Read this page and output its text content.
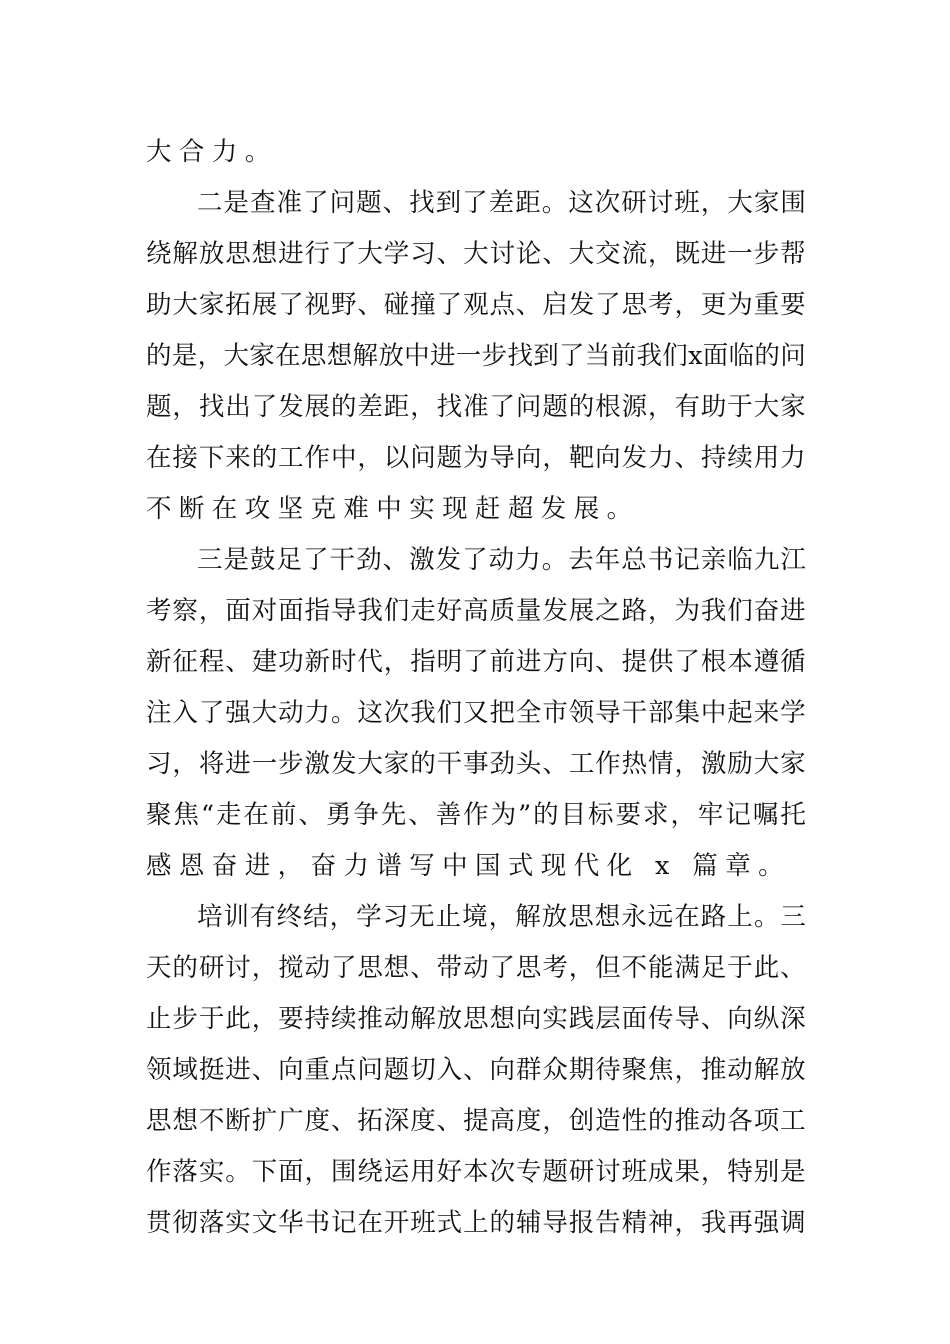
大合力。
二 是 查 准 了 问 题 、 找 到 了 差 距 。 这 次 研 讨 班 ， 大 家 围
绕 解 放 思 想 进 行 了 大 学 习 、 大 讨 论 、 大 交 流 ， 既 进 一 步 帮
助 大 家 拓 展 了 视 野 、 碰 撞 了 观 点 、 启 发 了 思 考 ， 更 为 重 要
的 是 ， 大 家 在 思 想 解 放 中 进 一 步 找 到 了 当 前 我 们 x 面 临 的 问
题 ， 找 出 了 发 展 的 差 距 ， 找 准 了 问 题 的 根 源 ， 有 助 于 大 家
在 接 下 来 的 工 作 中 ， 以 问 题 为 导 向 ， 靶 向 发 力 、 持 续 用 力
不断在攻坚克难中实现赶超发展。
三 是 鼓 足 了 干 劲 、 激 发 了 动 力 。 去 年 总 书 记 亲 临 九 江
考 察 ， 面 对 面 指 导 我 们 走 好 高 质 量 发 展 之 路 ， 为 我 们 奋 进
新 征 程 、 建 功 新 时 代 ， 指 明 了 前 进 方 向 、 提 供 了 根 本 遵 循
注 入 了 强 大 动 力 。 这 次 我 们 又 把 全 市 领 导 干 部 集 中 起 来 学
习 ， 将 进 一 步 激 发 大 家 的 干 事 劲 头 、 工 作 热 情 ， 激 励 大 家
聚 焦 “ 走 在 前 、 勇 争 先 、 善 作 为 ” 的 目 标 要 求 ， 牢 记 嘱 托
感恩奋进，奋力谱写中国式现代化 x 篇章。
培 训 有 终 结 ， 学 习 无 止 境 ， 解 放 思 想 永 远 在 路 上 。 三
天 的 研 讨 ， 搅 动 了 思 想 、 带 动 了 思 考 ， 但 不 能 满 足 于 此 、
止 步 于 此 ， 要 持 续 推 动 解 放 思 想 向 实 践 层 面 传 导 、 向 纵 深
领 域 挺 进 、 向 重 点 问 题 切 入 、 向 群 众 期 待 聚 焦 ， 推 动 解 放
思 想 不 断 扩 广 度 、 拓 深 度 、 提 高 度 ， 创 造 性 的 推 动 各 项 工
作 落 实 。 下 面 ， 围 绕 运 用 好 本 次 专 题 研 讨 班 成 果 ， 特 别 是
贯 彻 落 实 文 华 书 记 在 开 班 式 上 的 辅 导 报 告 精 神 ， 我 再 强 调
